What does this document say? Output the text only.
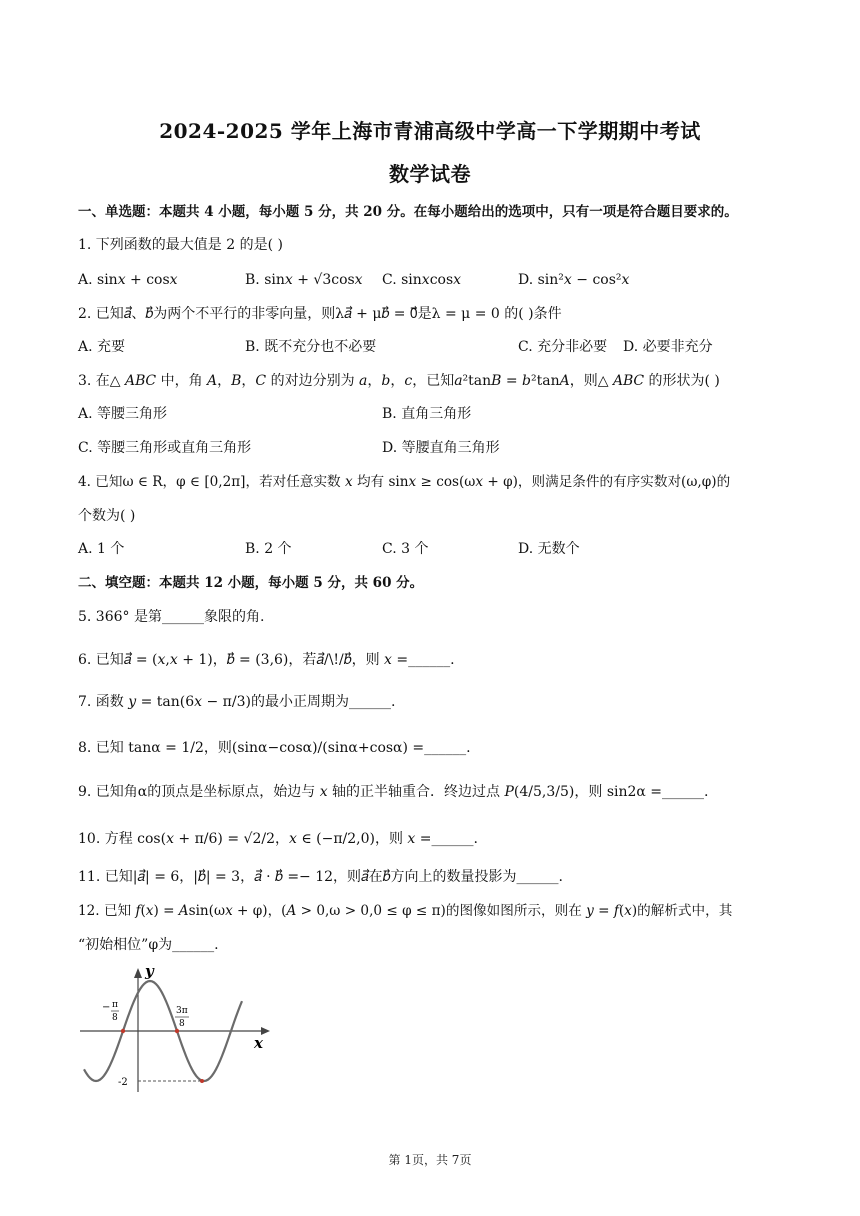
2024-2025 学年上海市青浦高级中学高一下学期期中考试
数学试卷
一、单选题：本题共 4 小题，每小题 5 分，共 20 分。在每小题给出的选项中，只有一项是符合题目要求的。
1. 下列函数的最大值是 2 的是( )
A. sin𝑥 + cos𝑥	B. sin𝑥 + √3cos𝑥 C. sin𝑥cos𝑥	D. sin²𝑥 − cos²𝑥
2. 已知𝑎⃗、𝑏⃗为两个不平行的非零向量，则λ𝑎⃗ + μ𝑏⃗ = 0⃗是λ = μ = 0 的( )条件
A. 充要	B. 既不充分也不必要	C. 充分非必要 D. 必要非充分
3. 在△ 𝐴𝐵𝐶 中，角 𝐴，𝐵，𝐶 的对边分别为 𝑎，𝑏，𝑐，已知𝑎²tan𝐵 = 𝑏²tan𝐴，则△ 𝐴𝐵𝐶 的形状为( )
A. 等腰三角形	B. 直角三角形
C. 等腰三角形或直角三角形	D. 等腰直角三角形
4. 已知ω ∈ R，φ ∈ [0,2π]，若对任意实数 𝑥 均有 sin𝑥 ≥ cos(ω𝑥 + φ)，则满足条件的有序实数对(ω,φ)的
个数为( )
A. 1 个	B. 2 个	C. 3 个	D. 无数个
二、填空题：本题共 12 小题，每小题 5 分，共 60 分。
5. 366° 是第______象限的角.
6. 已知𝑎⃗ = (𝑥,𝑥 + 1)，𝑏⃗ = (3,6)，若𝑎⃗/\!/𝑏⃗，则 𝑥 =______.
7. 函数 𝑦 = tan(6𝑥 − π/3)的最小正周期为______.
8. 已知 tanα = 1/2，则(sinα−cosα)/(sinα+cosα) =______.
9. 已知角α的顶点是坐标原点，始边与 𝑥 轴的正半轴重合．终边过点 𝑃(4/5,3/5)，则 sin2α =______.
10. 方程 cos(𝑥 + π/6) = √2/2，𝑥 ∈ (−π/2,0)，则 𝑥 =______.
11. 已知|𝑎⃗| = 6，|𝑏⃗| = 3，𝑎⃗ · 𝑏⃗ =− 12，则𝑎⃗在𝑏⃗方向上的数量投影为______.
12. 已知 𝑓(𝑥) = 𝐴sin(ω𝑥 + φ)，(𝐴 > 0,ω > 0,0 ≤ φ ≤ π)的图像如图所示，则在 𝑦 = 𝑓(𝑥)的解析式中，其
“初始相位”φ为______.
y
x
− π
8
3π
8
-2
第 1页，共 7页
